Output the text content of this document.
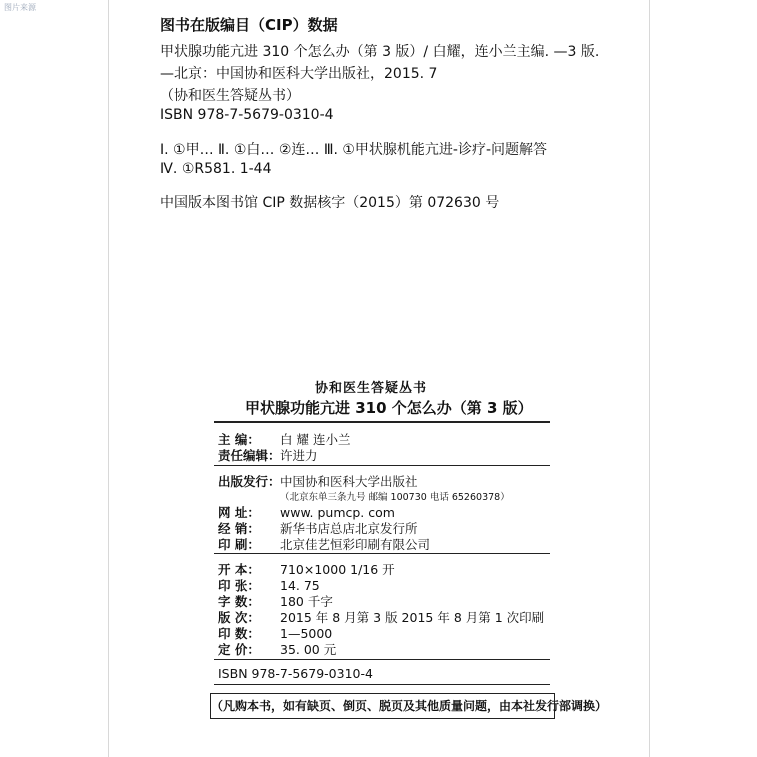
图片来源
图书在版编目（CIP）数据
甲状腺功能亢进 310 个怎么办（第 3 版）/ 白耀，连小兰主编. —3 版.
—北京：中国协和医科大学出版社，2015. 7
（协和医生答疑丛书）
ISBN 978-7-5679-0310-4
Ⅰ. ①甲… Ⅱ. ①白… ②连… Ⅲ. ①甲状腺机能亢进-诊疗-问题解答
Ⅳ. ①R581. 1-44
中国版本图书馆 CIP 数据核字（2015）第 072630 号
协和医生答疑丛书
甲状腺功能亢进 310 个怎么办（第 3 版）
主 编： 白 耀 连小兰
责任编辑：许进力
出版发行：中国协和医科大学出版社
（北京东单三条九号 邮编 100730 电话 65260378）
网 址： www. pumcp. com
经 销： 新华书店总店北京发行所
印 刷： 北京佳艺恒彩印刷有限公司
开 本： 710×1000 1/16 开
印 张： 14. 75
字 数： 180 千字
版 次： 2015 年 8 月第 3 版 2015 年 8 月第 1 次印刷
印 数： 1—5000
定 价： 35. 00 元
ISBN 978-7-5679-0310-4
（凡购本书，如有缺页、倒页、脱页及其他质量问题，由本社发行部调换）
